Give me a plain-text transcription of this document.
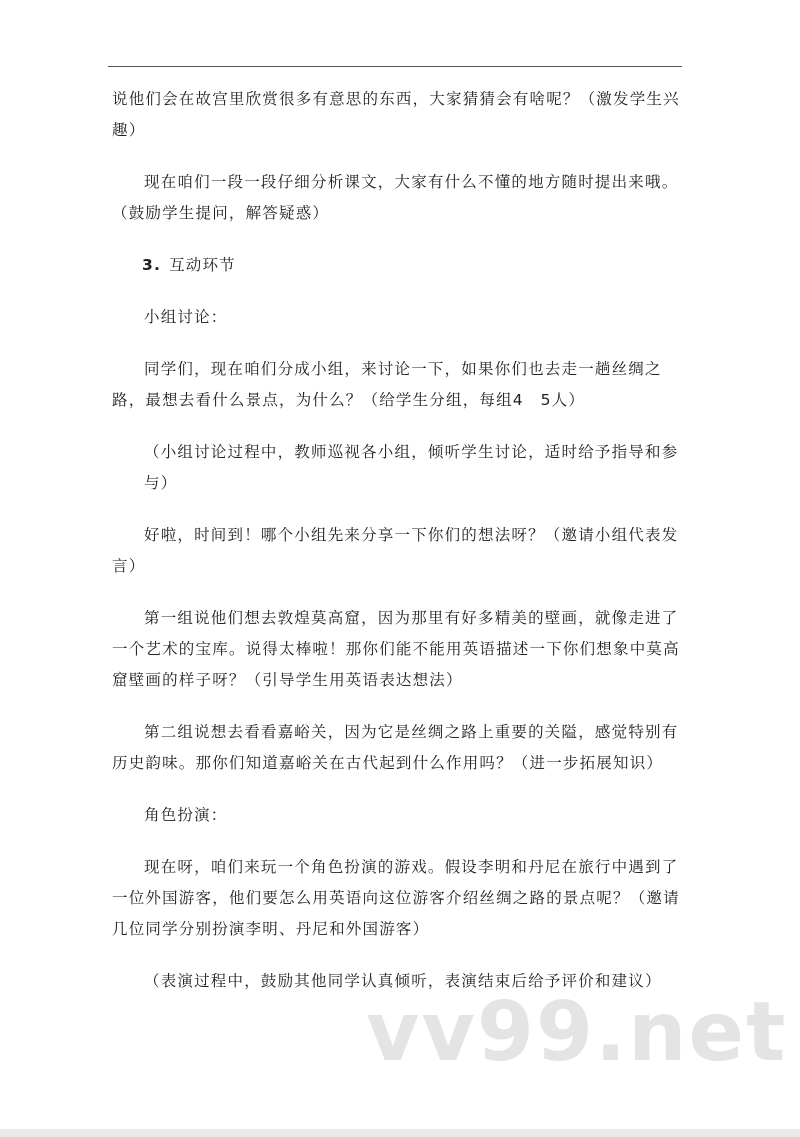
说他们会在故宫里欣赏很多有意思的东西，大家猜猜会有啥呢？（激发学生兴趣）

现在咱们一段一段仔细分析课文，大家有什么不懂的地方随时提出来哦。（鼓励学生提问，解答疑惑）

3. 互动环节

小组讨论：

同学们，现在咱们分成小组，来讨论一下，如果你们也去走一趟丝绸之路，最想去看什么景点，为什么？（给学生分组，每组4　5人）

（小组讨论过程中，教师巡视各小组，倾听学生讨论，适时给予指导和参与）

好啦，时间到！哪个小组先来分享一下你们的想法呀？（邀请小组代表发言）

第一组说他们想去敦煌莫高窟，因为那里有好多精美的壁画，就像走进了一个艺术的宝库。说得太棒啦！那你们能不能用英语描述一下你们想象中莫高窟壁画的样子呀？（引导学生用英语表达想法）

第二组说想去看看嘉峪关，因为它是丝绸之路上重要的关隘，感觉特别有历史韵味。那你们知道嘉峪关在古代起到什么作用吗？（进一步拓展知识）

角色扮演：

现在呀，咱们来玩一个角色扮演的游戏。假设李明和丹尼在旅行中遇到了一位外国游客，他们要怎么用英语向这位游客介绍丝绸之路的景点呢？（邀请几位同学分别扮演李明、丹尼和外国游客）

（表演过程中，鼓励其他同学认真倾听，表演结束后给予评价和建议）

vv99.net
